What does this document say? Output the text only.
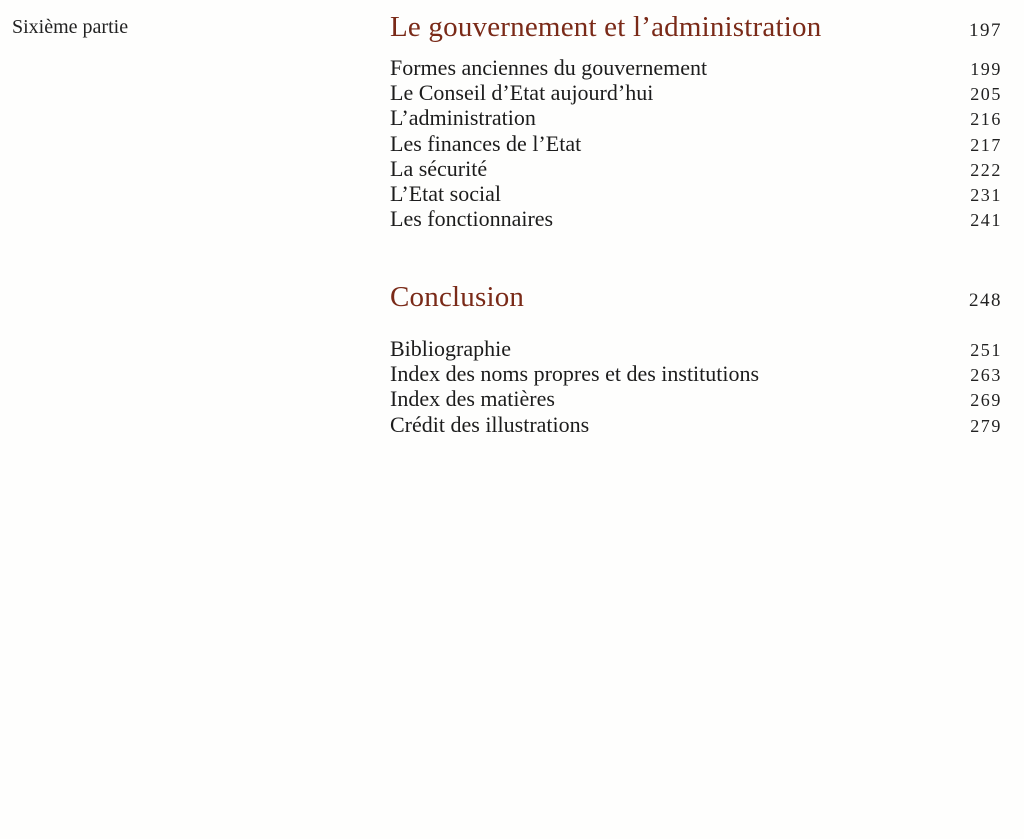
Sixième partie	Le gouvernement et l’administration	197
Formes anciennes du gouvernement	199
Le Conseil d’Etat aujourd’hui	205
L’administration	216
Les finances de l’Etat	217
La sécurité	222
L’Etat social	231
Les fonctionnaires	241
Conclusion	248
Bibliographie	251
Index des noms propres et des institutions	263
Index des matières	269
Crédit des illustrations	279
